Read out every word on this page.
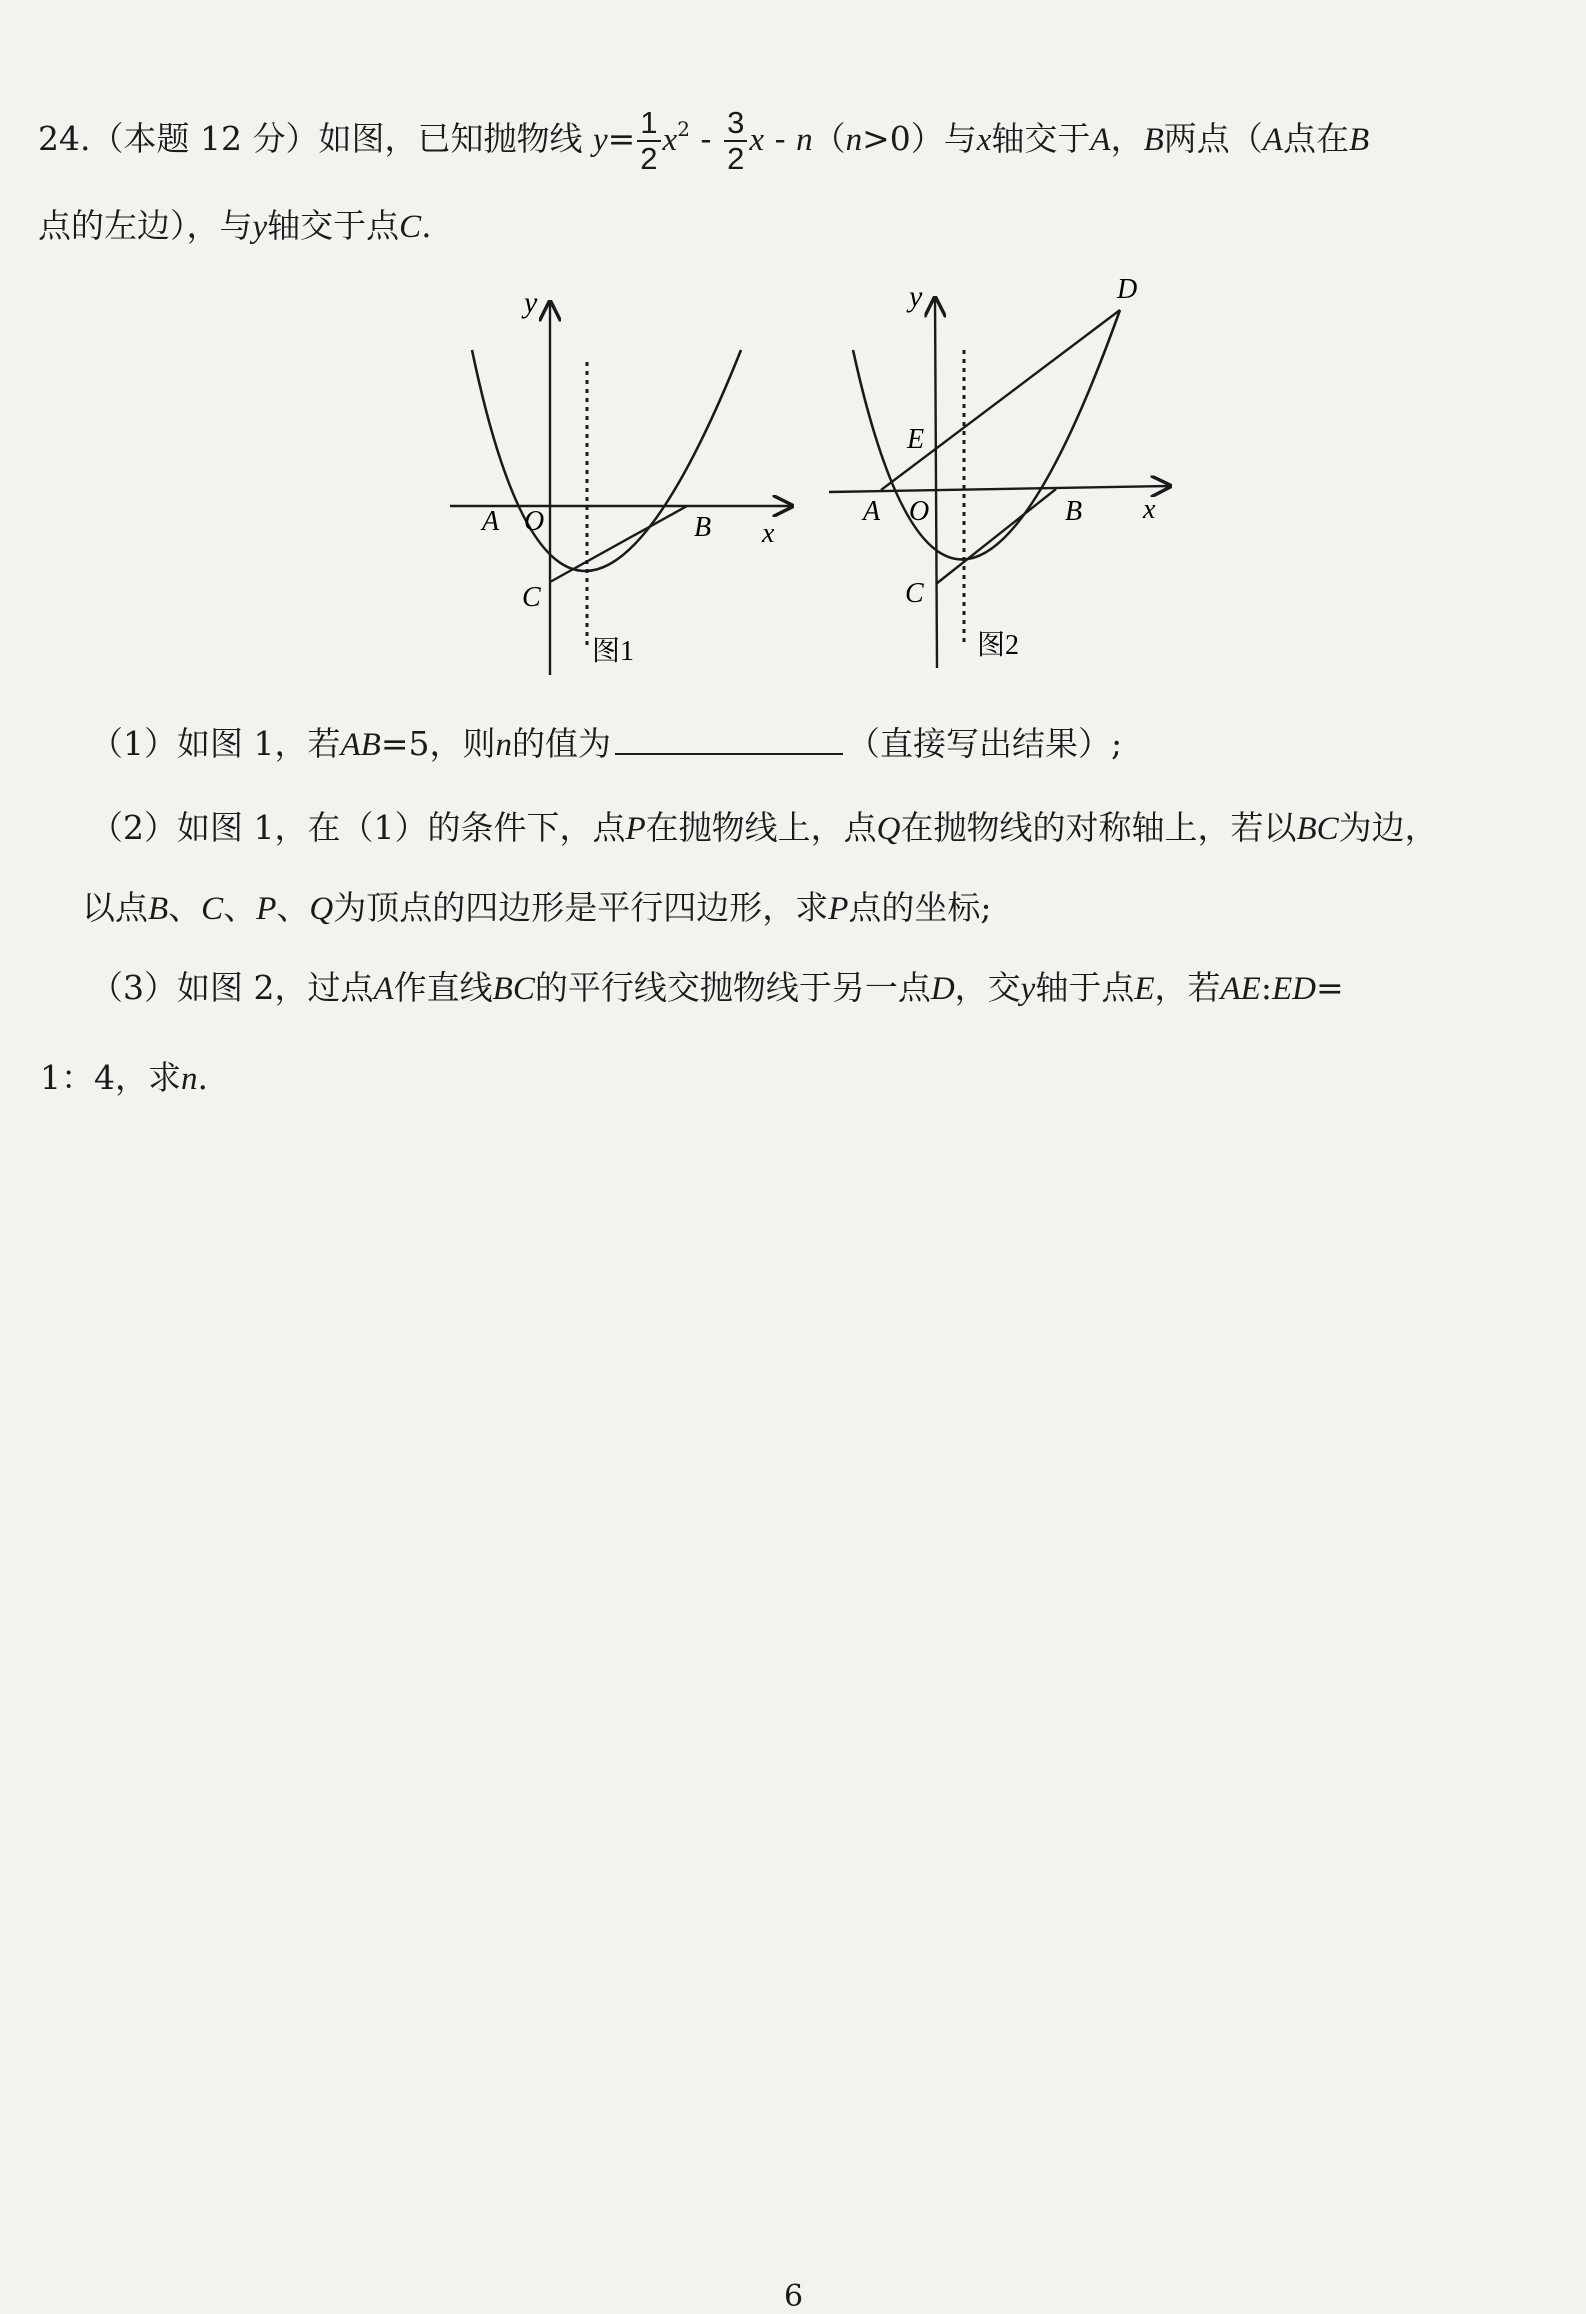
24.（本题 12 分）如图，已知抛物线 $y= \frac{1}{2} x^2 - \frac{3}{2}$ x - n（n>0）与x轴交于A，B两点（A点在B
点的左边），与y轴交于点C.
y
x
A O	B
C
图1
y	D
E
x
A O	B
C
图2
（1）如图 1，若AB=5，则n的值为	（直接写出结果）;
（2）如图 1，在（1）的条件下，点P在抛物线上，点Q在抛物线的对称轴上，若以BC为边，
以点B、C、P、Q为顶点的四边形是平行四边形，求P点的坐标;
（3）如图 2，过点A作直线BC的平行线交抛物线于另一点D，交y轴于点E，若AE:ED=
1：4，求n.
6
